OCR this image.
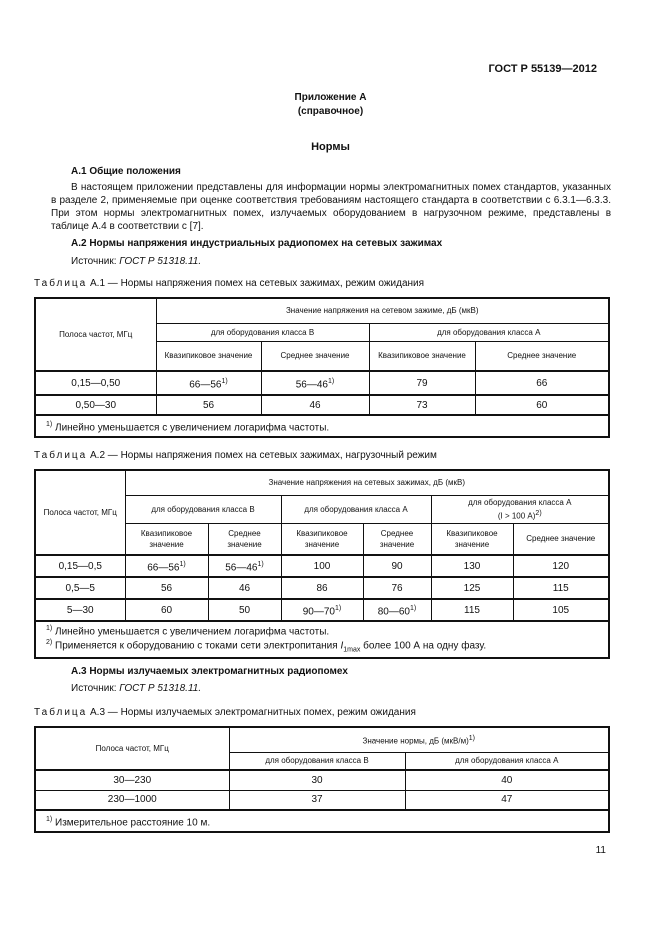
ГОСТ Р 55139—2012
Приложение А
(справочное)
Нормы
А.1 Общие положения
В настоящем приложении представлены для информации нормы электромагнитных помех стандартов, указанных в разделе 2, применяемые при оценке соответствия требованиям настоящего стандарта в соответствии с 6.3.1—6.3.3. При этом нормы электромагнитных помех, излучаемых оборудованием в нагрузочном режиме, представлены в таблице А.4 в соответствии с [7].
А.2 Нормы напряжения индустриальных радиопомех на сетевых зажимах
Источник: ГОСТ Р 51318.11.
Таблица А.1 — Нормы напряжения помех на сетевых зажимах, режим ожидания
Полоса частот, МГц	Значение напряжения на сетевом зажиме, дБ (мкВ)			
	для оборудования класса В		для оборудования класса А	
	Квазипиковое значение	Среднее значение	Квазипиковое значение	Среднее значение
0,15—0,50	66—56$^{1)}$	56—46$^{1)}$	79	66
0,50—30	56	46	73	60
$^{1)}$ Линейно уменьшается с увеличением логарифма частоты.				
Таблица А.2 — Нормы напряжения помех на сетевых зажимах, нагрузочный режим
Полоса частот, МГц	Значение напряжения на сетевых зажимах, дБ (мкВ)					
	для оборудования класса В		для оборудования класса А		для оборудования класса А
(I > 100 А)$^{2)}$
	Квазипиковое значение	Среднее значение	Квазипиковое значение	Среднее значение	Квазипиковое значение	Среднее значение
0,15—0,5	66—56$^{1)}$	56—46$^{1)}$	100	90	130	120
0,5—5	56	46	86	76	125	115
5—30	60	50	90—70$^{1)}$	80—60$^{1)}$	115	105
$^{1)}$ Линейно уменьшается с увеличением логарифма частоты.
$^{2)}$ Применяется к оборудованию с токами сети электропитания $I_{1max}$ более 100 А на одну фазу.						
А.3 Нормы излучаемых электромагнитных радиопомех
Источник: ГОСТ Р 51318.11.
Таблица А.3 — Нормы излучаемых электромагнитных помех, режим ожидания
Полоса частот, МГц	Значение нормы, дБ $(мкВ/м)^{1)}$
	для оборудования класса В	для оборудования класса А
30—230	30	40
230—1000	37	47
$^{1)}$ Измерительное расстояние 10 м.		
11
